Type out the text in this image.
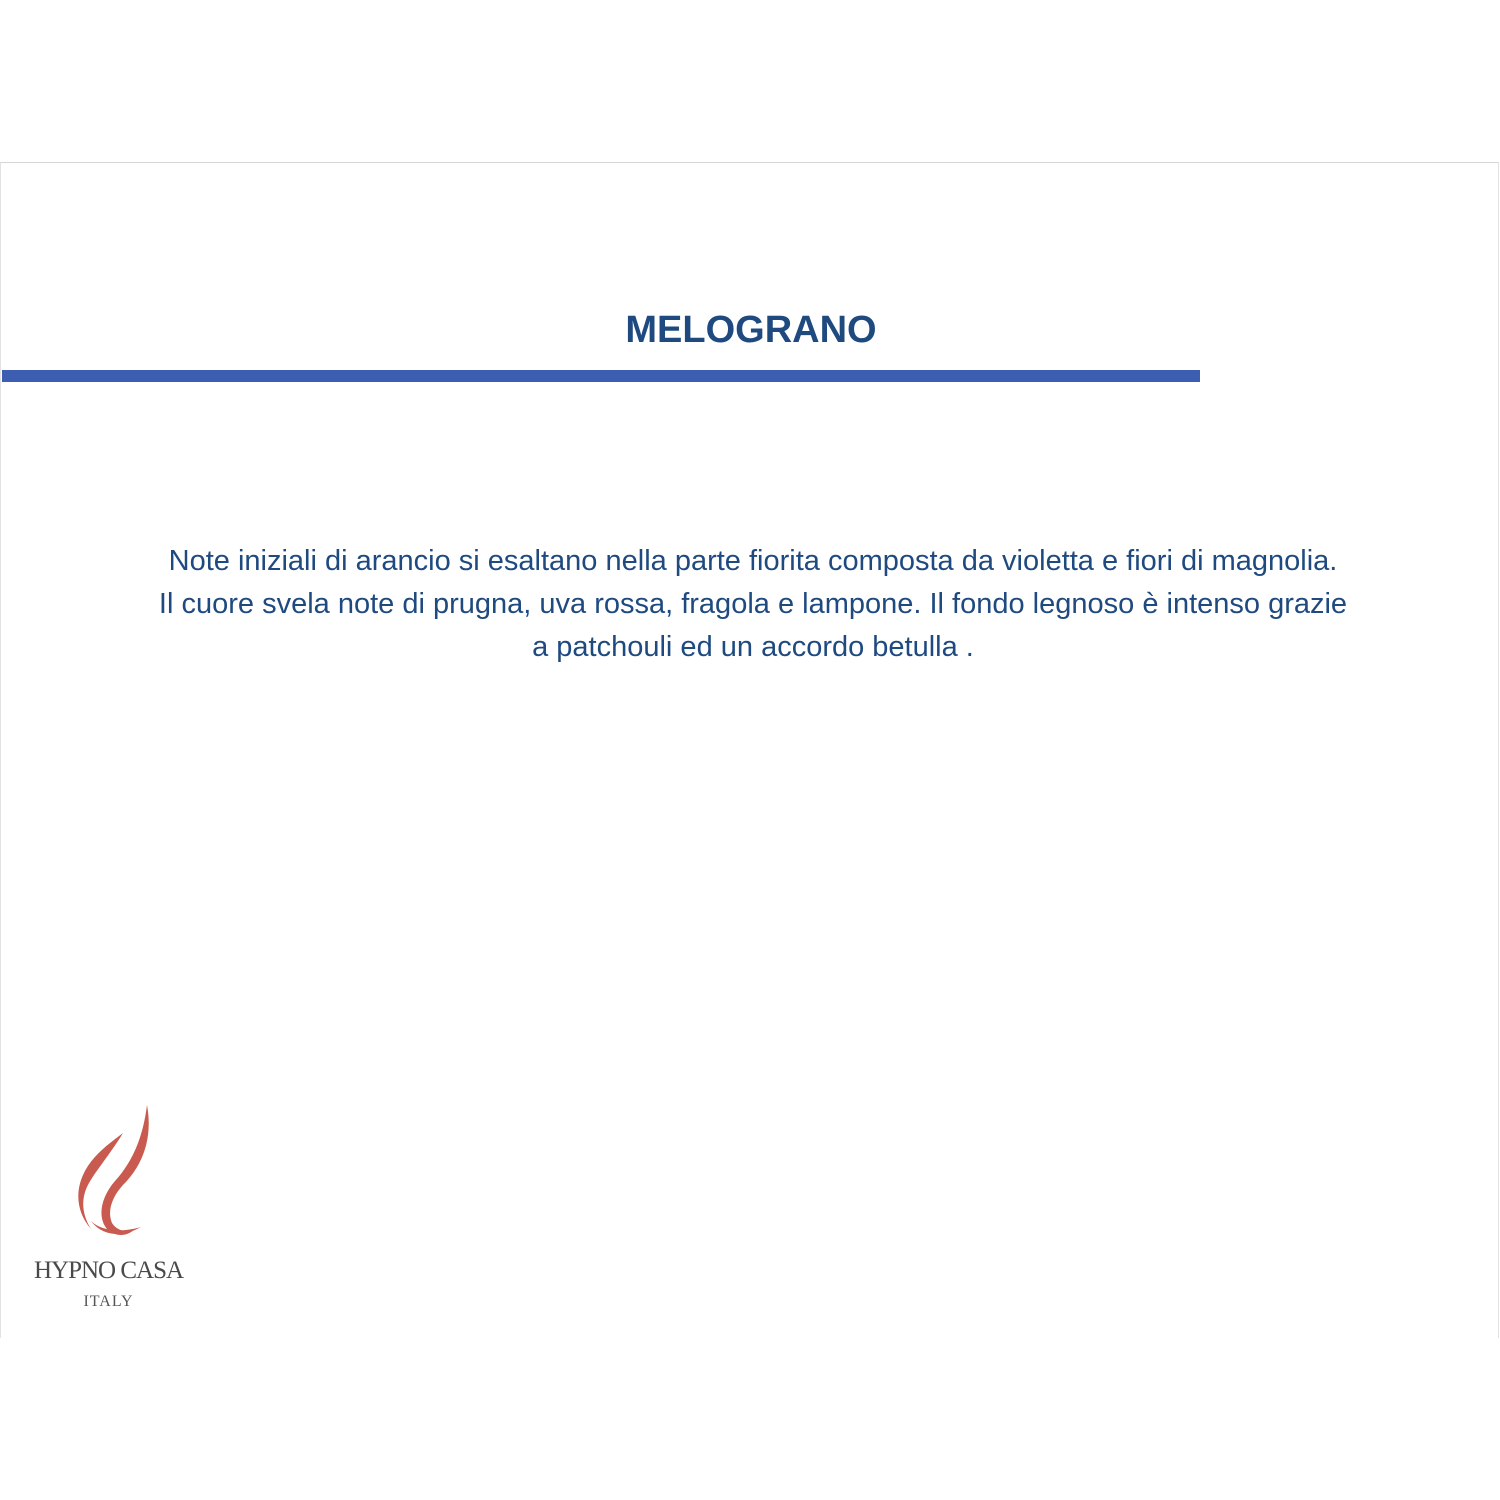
MELOGRANO

Note iniziali di arancio si esaltano nella parte fiorita composta da violetta e fiori di magnolia.
Il cuore svela note di prugna, uva rossa, fragola e lampone. Il fondo legnoso è intenso grazie
a patchouli ed un accordo betulla .

HYPNO CASA
ITALY
